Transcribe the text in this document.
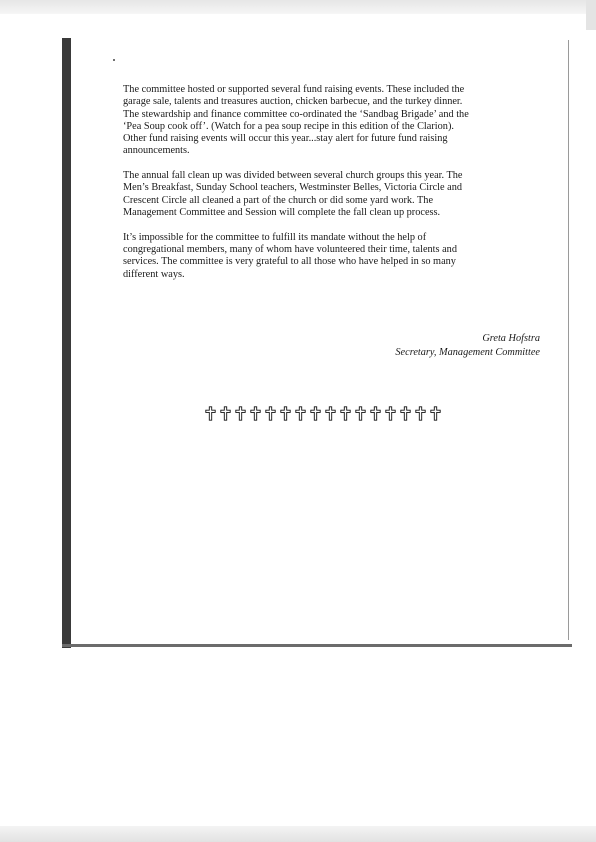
The committee hosted or supported several fund raising events. These included the
garage sale, talents and treasures auction, chicken barbecue, and the turkey dinner.
The stewardship and finance committee co-ordinated the ‘Sandbag Brigade’ and the
‘Pea Soup cook off’. (Watch for a pea soup recipe in this edition of the Clarion).
Other fund raising events will occur this year...stay alert for future fund raising
announcements.

The annual fall clean up was divided between several church groups this year. The
Men’s Breakfast, Sunday School teachers, Westminster Belles, Victoria Circle and
Crescent Circle all cleaned a part of the church or did some yard work. The
Management Committee and Session will complete the fall clean up process.

It’s impossible for the committee to fulfill its mandate without the help of
congregational members, many of whom have volunteered their time, talents and
services. The committee is very grateful to all those who have helped in so many
different ways.

Greta Hofstra
Secretary, Management Committee
